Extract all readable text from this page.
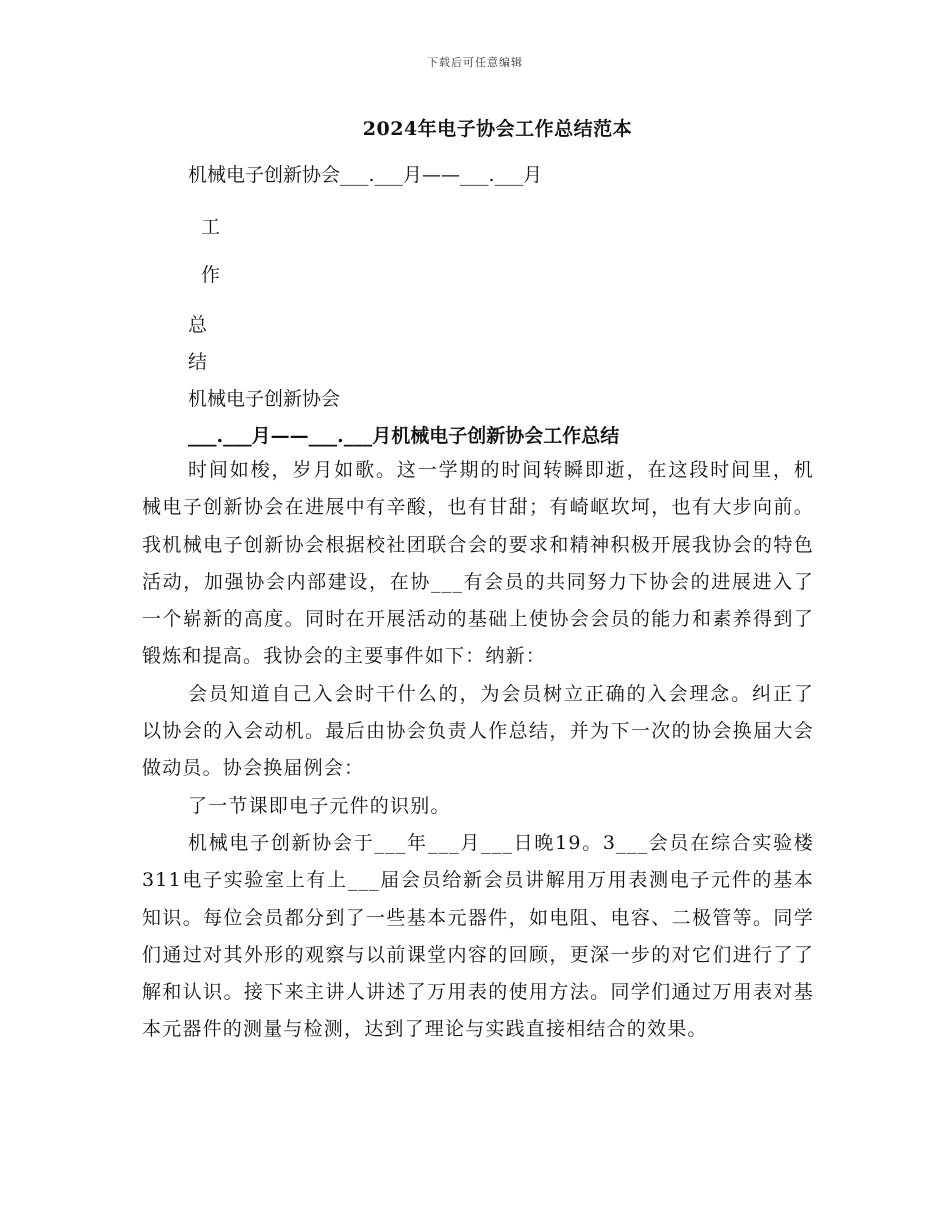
下载后可任意编辑
2024年电子协会工作总结范本
机械电子创新协会___.___月——___.___月
工
作
总
结
机械电子创新协会
___.___月——___.___月机械电子创新协会工作总结

时间如梭，岁月如歌。这一学期的时间转瞬即逝，在这段时间里，机械电子创新协会在进展中有辛酸，也有甘甜；有崎岖坎坷，也有大步向前。我机械电子创新协会根据校社团联合会的要求和精神积极开展我协会的特色活动，加强协会内部建设，在协___有会员的共同努力下协会的进展进入了一个崭新的高度。同时在开展活动的基础上使协会会员的能力和素养得到了锻炼和提高。我协会的主要事件如下：纳新：

会员知道自己入会时干什么的，为会员树立正确的入会理念。纠正了以协会的入会动机。最后由协会负责人作总结，并为下一次的协会换届大会做动员。协会换届例会：

了一节课即电子元件的识别。

机械电子创新协会于___年___月___日晚19。3___会员在综合实验楼311电子实验室上有上___届会员给新会员讲解用万用表测电子元件的基本知识。每位会员都分到了一些基本元器件，如电阻、电容、二极管等。同学们通过对其外形的观察与以前课堂内容的回顾，更深一步的对它们进行了了解和认识。接下来主讲人讲述了万用表的使用方法。同学们通过万用表对基本元器件的测量与检测，达到了理论与实践直接相结合的效果。
